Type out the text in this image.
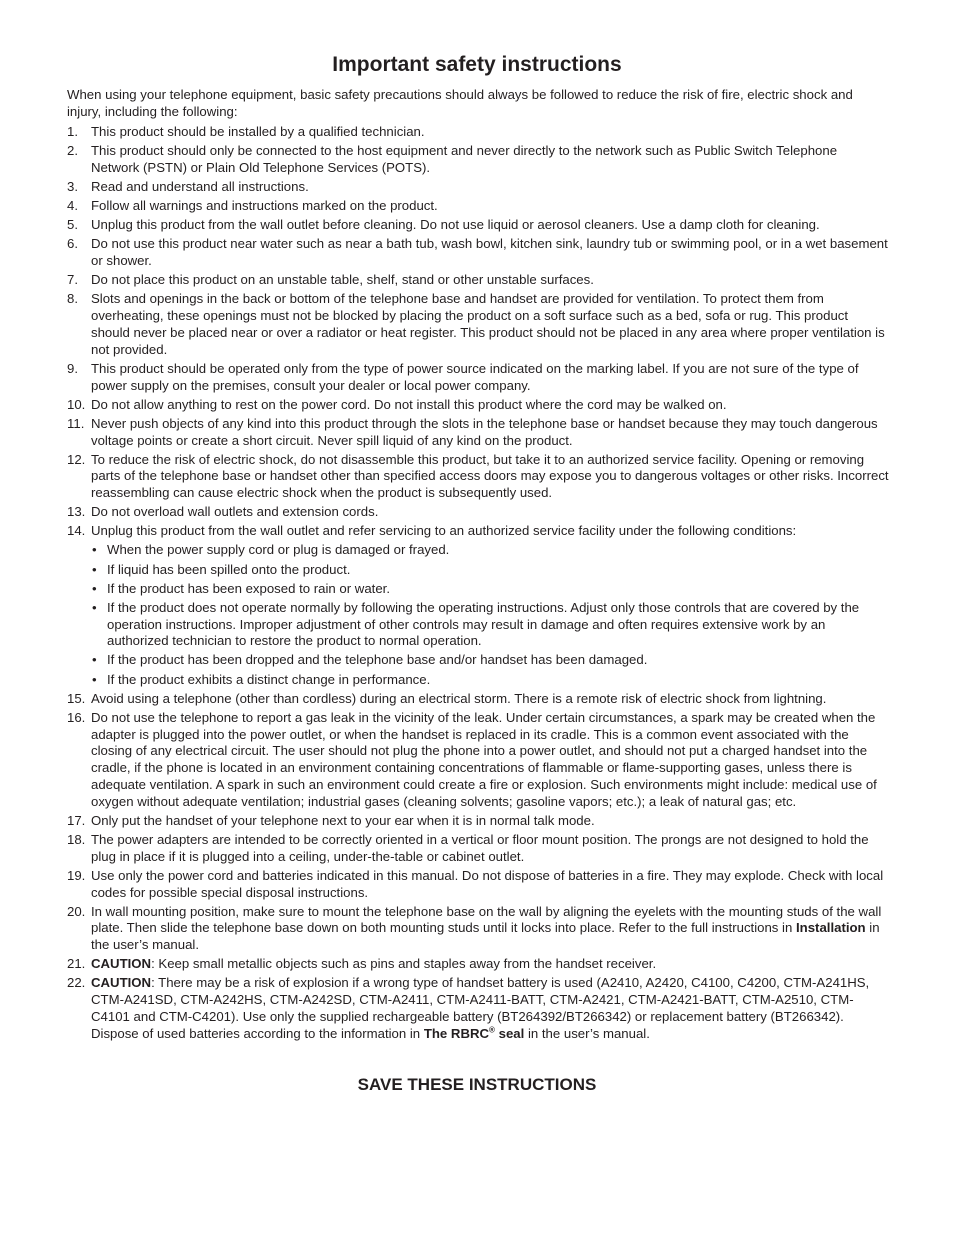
Important safety instructions

When using your telephone equipment, basic safety precautions should always be followed to reduce the risk of fire, electric shock and injury, including the following:

1. This product should be installed by a qualified technician.
2. This product should only be connected to the host equipment and never directly to the network such as Public Switch Telephone Network (PSTN) or Plain Old Telephone Services (POTS).
3. Read and understand all instructions.
4. Follow all warnings and instructions marked on the product.
5. Unplug this product from the wall outlet before cleaning. Do not use liquid or aerosol cleaners. Use a damp cloth for cleaning.
6. Do not use this product near water such as near a bath tub, wash bowl, kitchen sink, laundry tub or swimming pool, or in a wet basement or shower.
7. Do not place this product on an unstable table, shelf, stand or other unstable surfaces.
8. Slots and openings in the back or bottom of the telephone base and handset are provided for ventilation. To protect them from overheating, these openings must not be blocked by placing the product on a soft surface such as a bed, sofa or rug. This product should never be placed near or over a radiator or heat register. This product should not be placed in any area where proper ventilation is not provided.
9. This product should be operated only from the type of power source indicated on the marking label. If you are not sure of the type of power supply on the premises, consult your dealer or local power company.
10. Do not allow anything to rest on the power cord. Do not install this product where the cord may be walked on.
11. Never push objects of any kind into this product through the slots in the telephone base or handset because they may touch dangerous voltage points or create a short circuit. Never spill liquid of any kind on the product.
12. To reduce the risk of electric shock, do not disassemble this product, but take it to an authorized service facility. Opening or removing parts of the telephone base or handset other than specified access doors may expose you to dangerous voltages or other risks. Incorrect reassembling can cause electric shock when the product is subsequently used.
13. Do not overload wall outlets and extension cords.
14. Unplug this product from the wall outlet and refer servicing to an authorized service facility under the following conditions:
• When the power supply cord or plug is damaged or frayed.
• If liquid has been spilled onto the product.
• If the product has been exposed to rain or water.
• If the product does not operate normally by following the operating instructions. Adjust only those controls that are covered by the operation instructions. Improper adjustment of other controls may result in damage and often requires extensive work by an authorized technician to restore the product to normal operation.
• If the product has been dropped and the telephone base and/or handset has been damaged.
• If the product exhibits a distinct change in performance.
15. Avoid using a telephone (other than cordless) during an electrical storm. There is a remote risk of electric shock from lightning.
16. Do not use the telephone to report a gas leak in the vicinity of the leak. Under certain circumstances, a spark may be created when the adapter is plugged into the power outlet, or when the handset is replaced in its cradle. This is a common event associated with the closing of any electrical circuit. The user should not plug the phone into a power outlet, and should not put a charged handset into the cradle, if the phone is located in an environment containing concentrations of flammable or flame-supporting gases, unless there is adequate ventilation. A spark in such an environment could create a fire or explosion. Such environments might include: medical use of oxygen without adequate ventilation; industrial gases (cleaning solvents; gasoline vapors; etc.); a leak of natural gas; etc.
17. Only put the handset of your telephone next to your ear when it is in normal talk mode.
18. The power adapters are intended to be correctly oriented in a vertical or floor mount position. The prongs are not designed to hold the plug in place if it is plugged into a ceiling, under-the-table or cabinet outlet.
19. Use only the power cord and batteries indicated in this manual. Do not dispose of batteries in a fire. They may explode. Check with local codes for possible special disposal instructions.
20. In wall mounting position, make sure to mount the telephone base on the wall by aligning the eyelets with the mounting studs of the wall plate. Then slide the telephone base down on both mounting studs until it locks into place. Refer to the full instructions in Installation in the user’s manual.
21. CAUTION: Keep small metallic objects such as pins and staples away from the handset receiver.
22. CAUTION: There may be a risk of explosion if a wrong type of handset battery is used (A2410, A2420, C4100, C4200, CTM-A241HS, CTM-A241SD, CTM-A242HS, CTM-A242SD, CTM-A2411, CTM-A2411-BATT, CTM-A2421, CTM-A2421-BATT, CTM-A2510, CTM-C4101 and CTM-C4201). Use only the supplied rechargeable battery (BT264392/BT266342) or replacement battery (BT266342). Dispose of used batteries according to the information in The RBRC® seal in the user’s manual.
SAVE THESE INSTRUCTIONS
